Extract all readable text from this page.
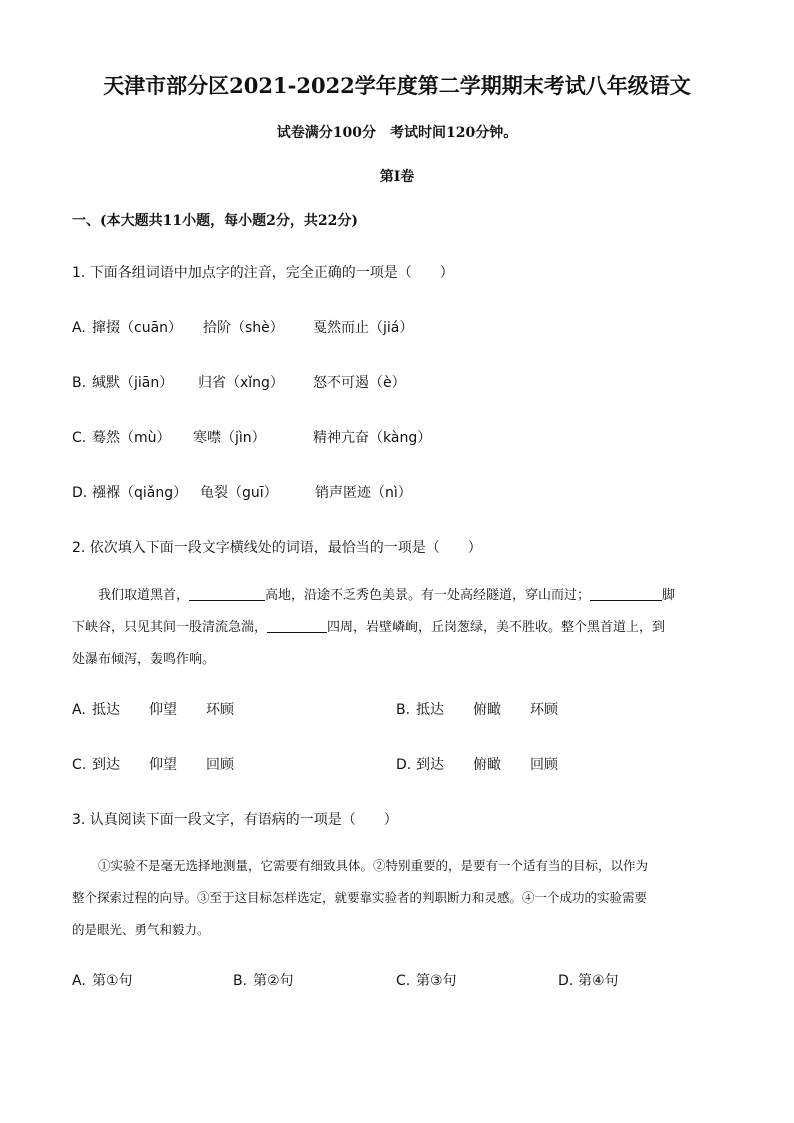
天津市部分区2021-2022学年度第二学期期末考试八年级语文
试卷满分100分　考试时间120分钟。
第Ⅰ卷
一、(本大题共11小题，每小题2分，共22分)
1. 下面各组词语中加点字的注音，完全正确的一项是（　　）
A. 撺掇（cuān） 拾阶（shè） 戛然而止（jiá）
B. 缄默（jiān） 归省（xǐng） 怒不可遏（è）
C. 蓦然（mù） 寒噤（jìn）	精神亢奋（kàng）
D. 襁褓（qiǎng） 龟裂（guī）	销声匿迹（nì）
2. 依次填入下面一段文字横线处的词语，最恰当的一项是（　　）
我们取道黑首，	高地，沿途不乏秀色美景。有一处高经隧道，穿山而过；	脚
下峡谷，只见其间一股清流急湍，	四周，岩壁嶙峋，丘岗葱绿，美不胜收。整个黑首道上，到
处瀑布倾泻，轰鸣作响。
A. 抵达 仰望 环顾	B. 抵达 俯瞰 环顾
C. 到达 仰望 回顾	D. 到达 俯瞰 回顾
3. 认真阅读下面一段文字，有语病的一项是（　　）
①实验不是毫无选择地测量，它需要有细致具体。②特别重要的，是要有一个适有当的目标，以作为
整个探索过程的向导。③至于这目标怎样选定，就要靠实验者的判职断力和灵感。④一个成功的实验需要
的是眼光、勇气和毅力。
A. 第①句	B. 第②句	C. 第③句	D. 第④句
